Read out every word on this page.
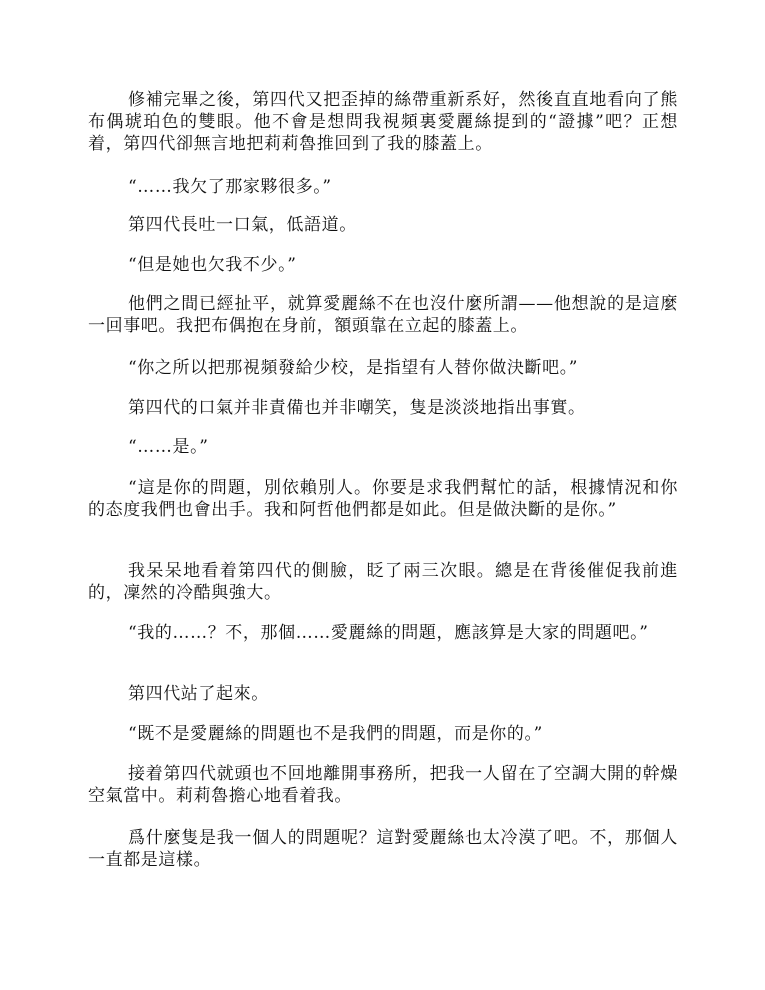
修補完畢之後，第四代又把歪掉的絲帶重新系好，然後直直地看向了熊布偶琥珀色的雙眼。他不會是想問我視頻裏愛麗絲提到的“證據”吧？正想着，第四代卻無言地把莉莉魯推回到了我的膝蓋上。

“……我欠了那家夥很多。”

第四代長吐一口氣，低語道。

“但是她也欠我不少。”

他們之間已經扯平，就算愛麗絲不在也沒什麼所謂——他想說的是這麼一回事吧。我把布偶抱在身前，額頭靠在立起的膝蓋上。

“你之所以把那視頻發給少校，是指望有人替你做決斷吧。”

第四代的口氣并非責備也并非嘲笑，隻是淡淡地指出事實。

“……是。”

“這是你的問題，別依賴別人。你要是求我們幫忙的話，根據情況和你的态度我們也會出手。我和阿哲他們都是如此。但是做決斷的是你。”

我呆呆地看着第四代的側臉，眨了兩三次眼。總是在背後催促我前進的，凜然的冷酷與強大。

“我的……？不，那個……愛麗絲的問題，應該算是大家的問題吧。”

第四代站了起來。

“既不是愛麗絲的問題也不是我們的問題，而是你的。”

接着第四代就頭也不回地離開事務所，把我一人留在了空調大開的幹燥空氣當中。莉莉魯擔心地看着我。

爲什麼隻是我一個人的問題呢？這對愛麗絲也太冷漠了吧。不，那個人一直都是這樣。
